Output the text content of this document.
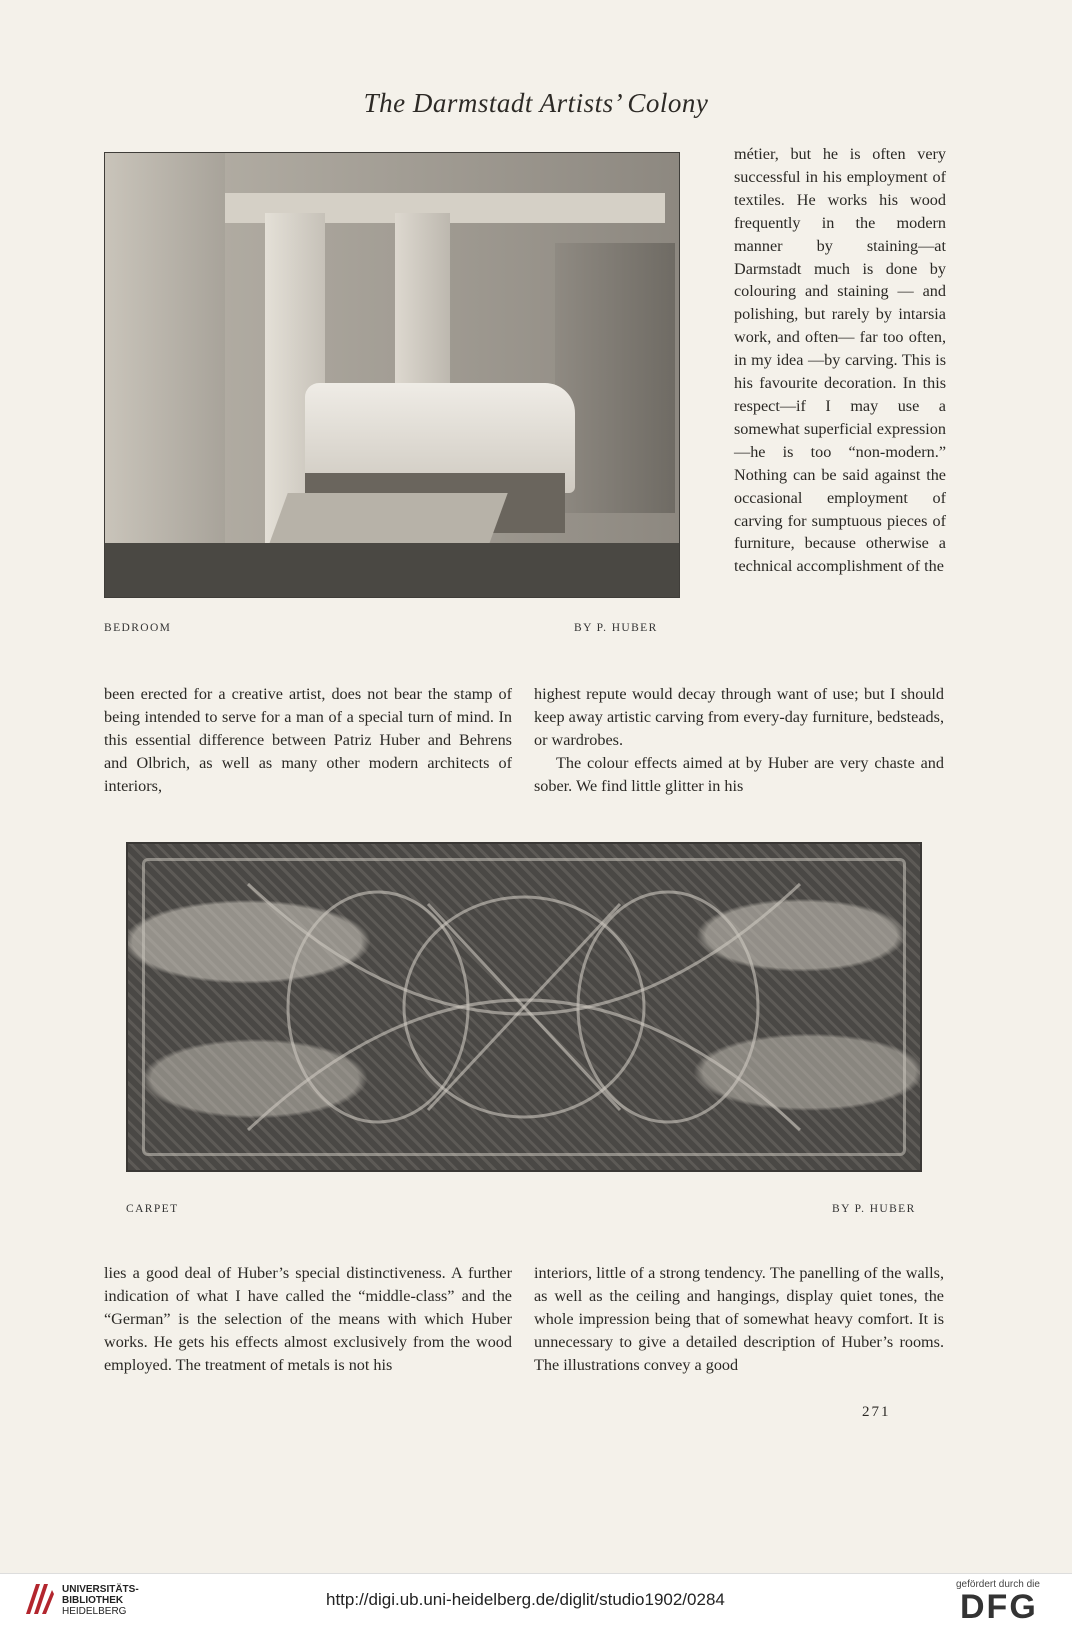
The Darmstadt Artists’ Colony
BEDROOM	BY P. HUBER
métier, but he is often very successful in his employment of textiles. He works his wood frequently in the modern manner by staining—at Darmstadt much is done by colouring and staining — and polishing, but rarely by intarsia work, and often— far too often, in my idea —by carving. This is his favourite decoration. In this respect—if I may use a somewhat superficial expression—he is too “non-modern.” Nothing can be said against the occasional employment of carving for sumptuous pieces of furniture, because otherwise a technical accomplishment of the
been erected for a creative artist, does not bear the stamp of being intended to serve for a man of a special turn of mind. In this essential difference between Patriz Huber and Behrens and Olbrich, as well as many other modern architects of interiors,

highest repute would decay through want of use; but I should keep away artistic carving from every-day furniture, bedsteads, or wardrobes.

The colour effects aimed at by Huber are very chaste and sober. We find little glitter in his

CARPET	BY P. HUBER
lies a good deal of Huber’s special distinctiveness. A further indication of what I have called the “middle-class” and the “German” is the selection of the means with which Huber works. He gets his effects almost exclusively from the wood employed. The treatment of metals is not his
interiors, little of a strong tendency. The panelling of the walls, as well as the ceiling and hangings, display quiet tones, the whole impression being that of somewhat heavy comfort. It is unnecessary to give a detailed description of Huber’s rooms. The illustrations convey a good
271
UNIVERSITÄTS-
BIBLIOTHEK
HEIDELBERG
http://digi.ub.uni-heidelberg.de/diglit/studio1902/0284
gefördert durch die
DFG
